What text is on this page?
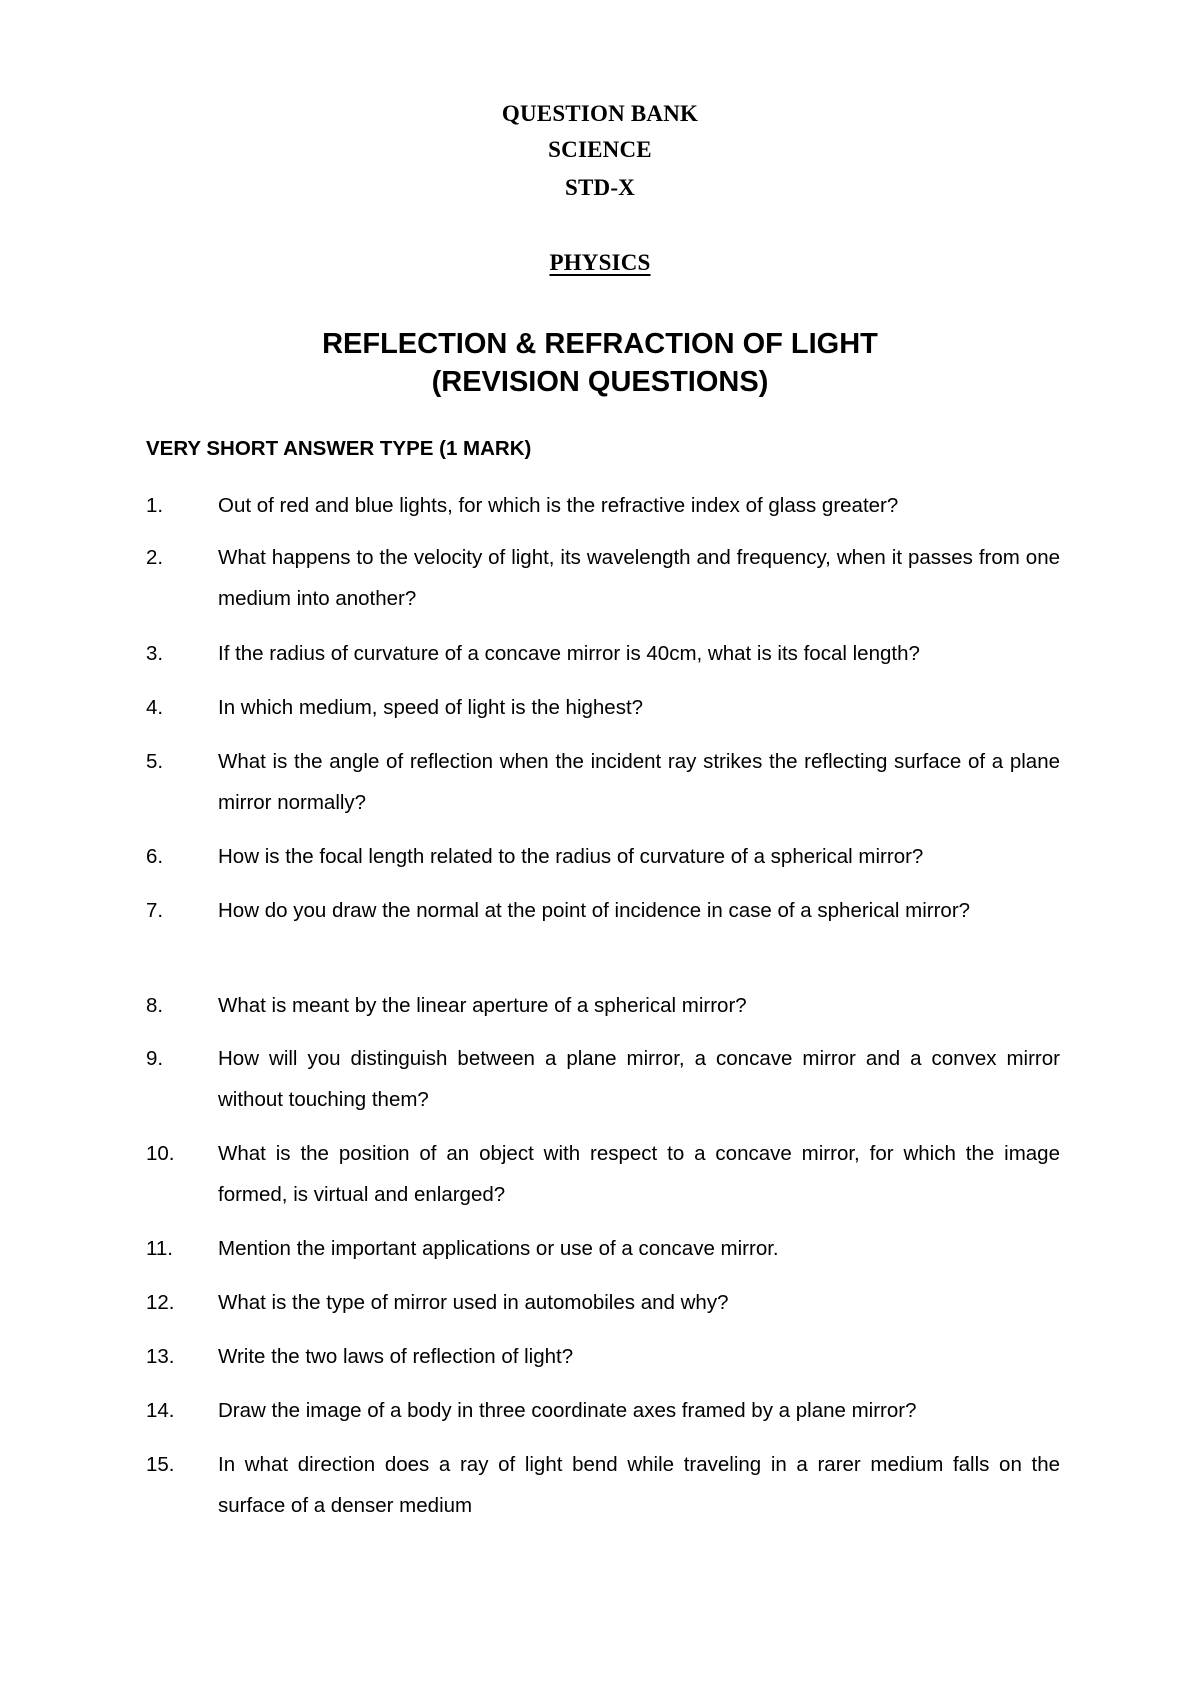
QUESTION BANK
SCIENCE
STD-X
PHYSICS
REFLECTION & REFRACTION OF LIGHT
(REVISION QUESTIONS)
VERY SHORT ANSWER TYPE (1 MARK)
1.	Out of red and blue lights, for which is the refractive index of glass greater?
2.	What happens to the velocity of light, its wavelength and frequency, when it passes from one medium into another?
3.	If the radius of curvature of a concave mirror is 40cm, what is its focal length?
4.	In which medium, speed of light is the highest?
5.	What is the angle of reflection when the incident ray strikes the reflecting surface of a plane mirror normally?
6.	How is the focal length related to the radius of curvature of a spherical mirror?
7.	How do you draw the normal at the point of incidence in case of a spherical mirror?
8.	What is meant by the linear aperture of a spherical mirror?
9.	How will you distinguish between a plane mirror, a concave mirror and a convex mirror without touching them?
10.	What is the position of an object with respect to a concave mirror, for which the image formed, is virtual and enlarged?
11.	Mention the important applications or use of a concave mirror.
12.	What is the type of mirror used in automobiles and why?
13.	Write the two laws of reflection of light?
14.	Draw the image of a body in three coordinate axes framed by a plane mirror?
15.	In what direction does a ray of light bend while traveling in a rarer medium falls on the surface of a denser medium
